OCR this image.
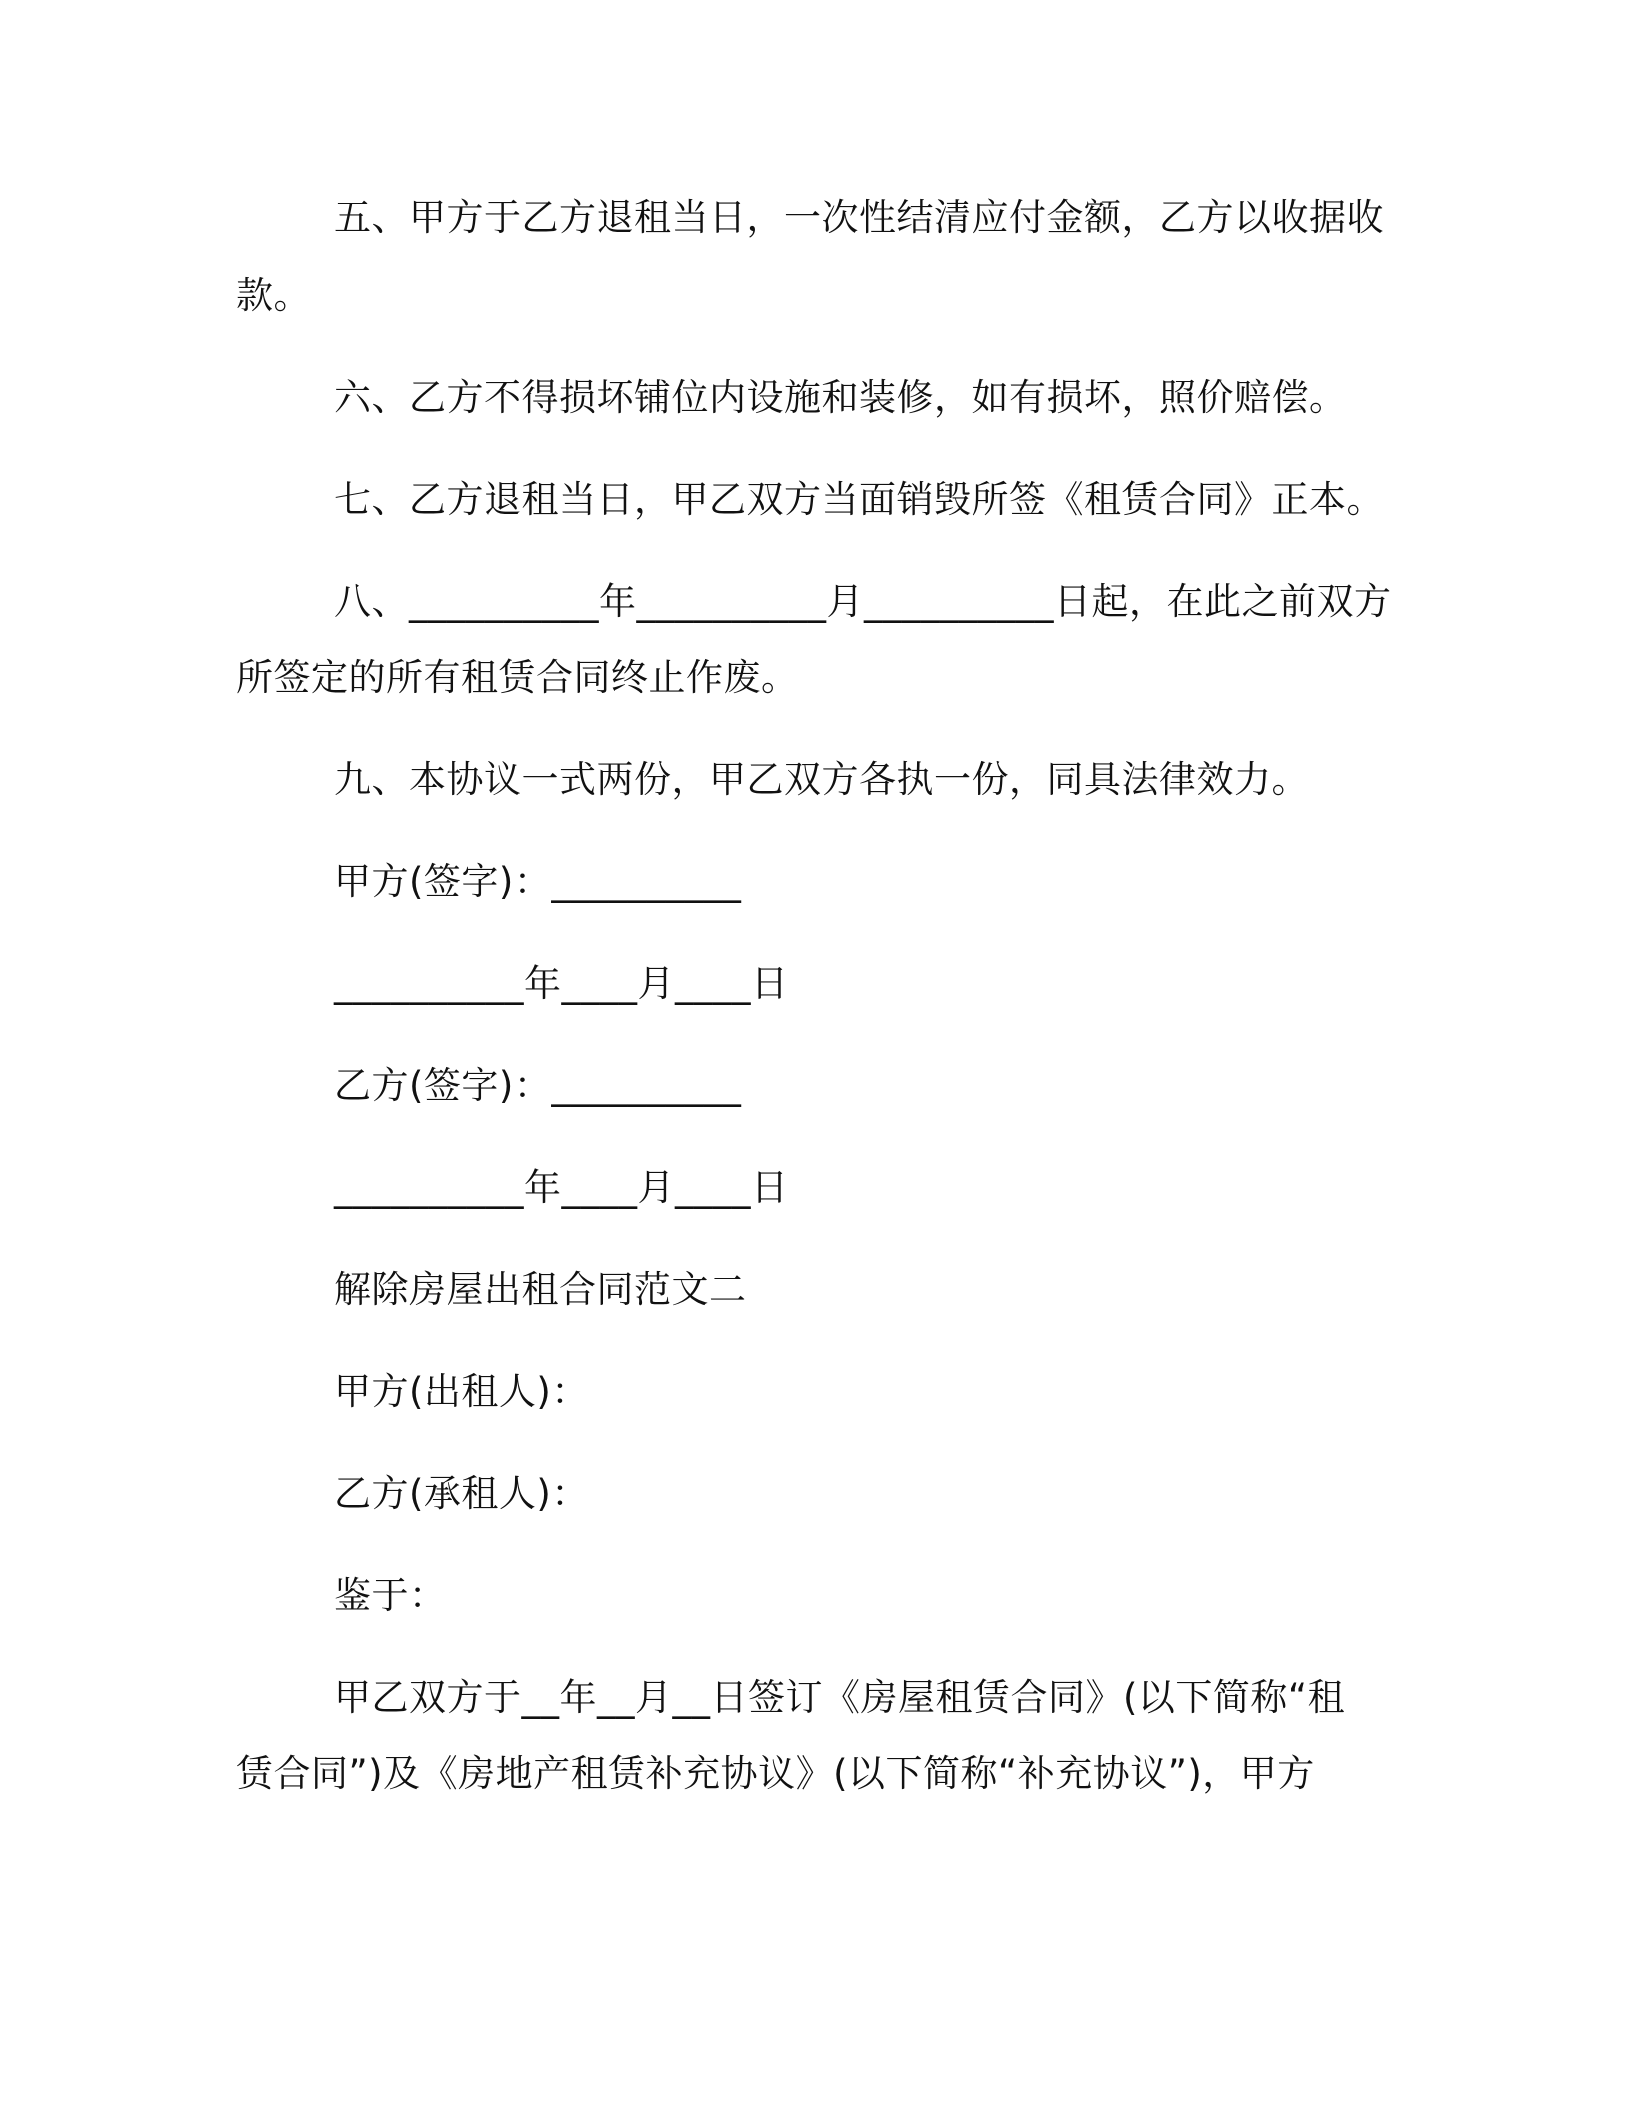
五、甲方于乙方退租当日，一次性结清应付金额，乙方以收据收
款。
六、乙方不得损坏铺位内设施和装修，如有损坏，照价赔偿。
七、乙方退租当日，甲乙双方当面销毁所签《租赁合同》正本。
八、__________年__________月__________日起，在此之前双方
所签定的所有租赁合同终止作废。
九、本协议一式两份，甲乙双方各执一份，同具法律效力。
甲方(签字)：__________
__________年____月____日
乙方(签字)：__________
__________年____月____日
解除房屋出租合同范文二
甲方(出租人)：
乙方(承租人)：
鉴于：
甲乙双方于__年__月__日签订《房屋租赁合同》(以下简称“租
赁合同”)及《房地产租赁补充协议》(以下简称“补充协议”)，甲方
